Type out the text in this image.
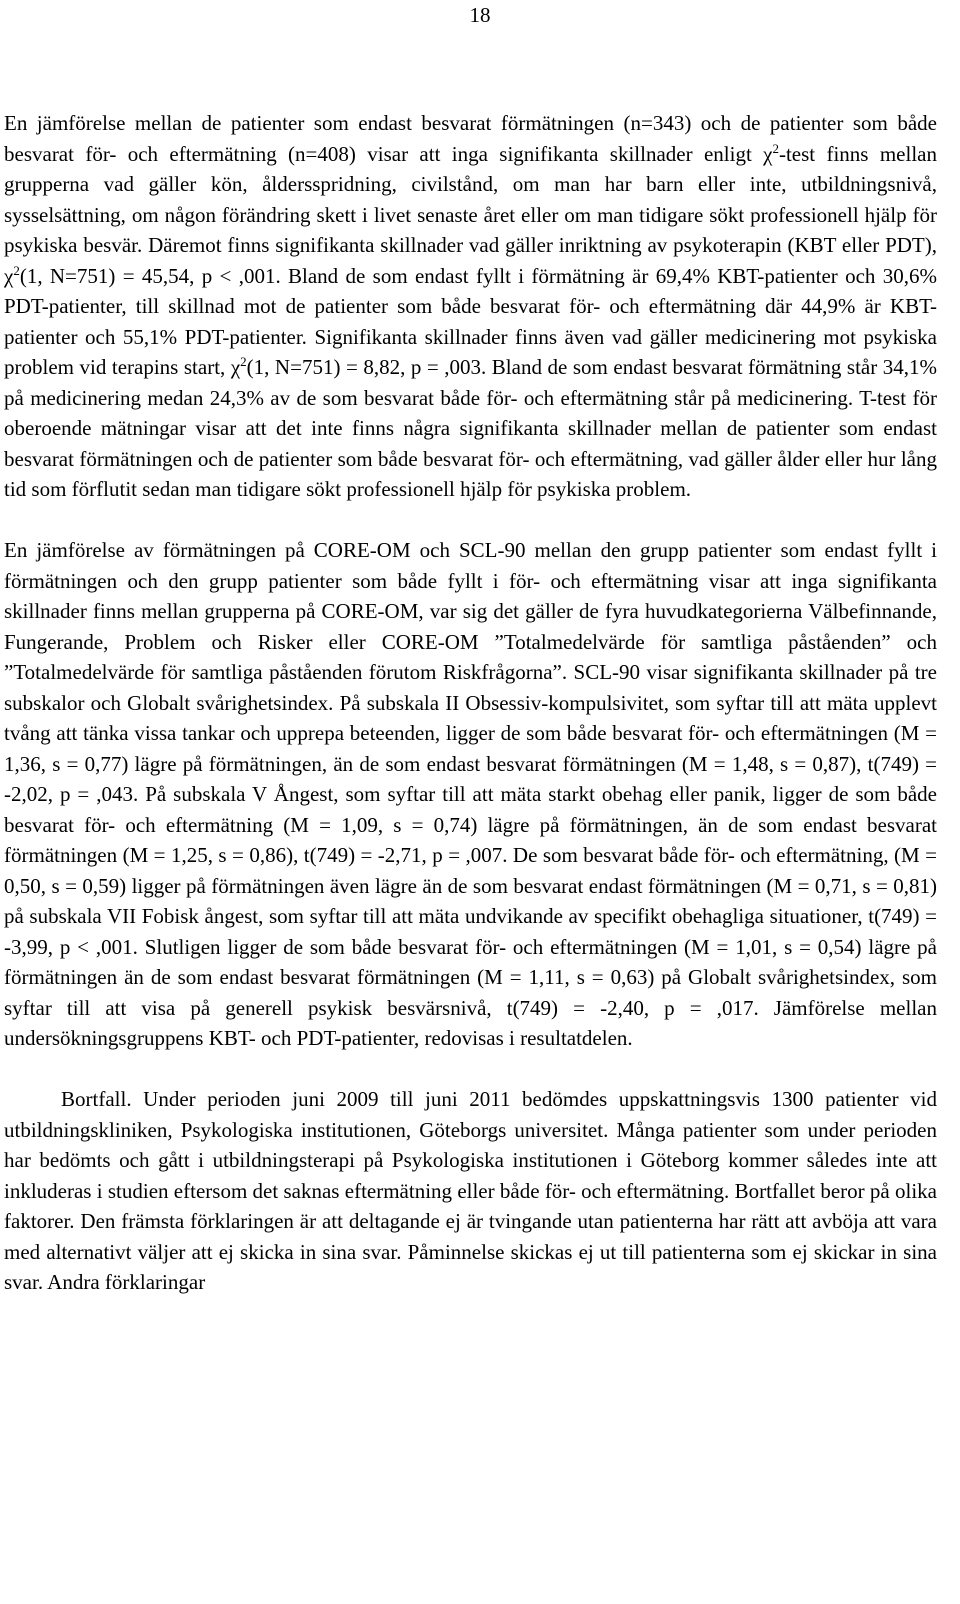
18

En jämförelse mellan de patienter som endast besvarat förmätningen (n=343) och de patienter som både besvarat för- och eftermätning (n=408) visar att inga signifikanta skillnader enligt $\chi^2$-test finns mellan grupperna vad gäller kön, åldersspridning, civilstånd, om man har barn eller inte, utbildningsnivå, sysselsättning, om någon förändring skett i livet senaste året eller om man tidigare sökt professionell hjälp för psykiska besvär. Däremot finns signifikanta skillnader vad gäller inriktning av psykoterapin (KBT eller PDT), $\chi^2(1$, N=751) = 45,54, p < ,001. Bland de som endast fyllt i förmätning är 69,4% KBT-patienter och 30,6% PDT-patienter, till skillnad mot de patienter som både besvarat för- och eftermätning där 44,9% är KBT-patienter och 55,1% PDT-patienter. Signifikanta skillnader finns även vad gäller medicinering mot psykiska problem vid terapins start, $\chi^2(1$, N=751) = 8,82, p = ,003. Bland de som endast besvarat förmätning står 34,1% på medicinering medan 24,3% av de som besvarat både för- och eftermätning står på medicinering. T-test för oberoende mätningar visar att det inte finns några signifikanta skillnader mellan de patienter som endast besvarat förmätningen och de patienter som både besvarat för- och eftermätning, vad gäller ålder eller hur lång tid som förflutit sedan man tidigare sökt professionell hjälp för psykiska problem.

En jämförelse av förmätningen på CORE-OM och SCL-90 mellan den grupp patienter som endast fyllt i förmätningen och den grupp patienter som både fyllt i för- och eftermätning visar att inga signifikanta skillnader finns mellan grupperna på CORE-OM, var sig det gäller de fyra huvudkategorierna Välbefinnande, Fungerande, Problem och Risker eller CORE-OM ”Totalmedelvärde för samtliga påståenden” och ”Totalmedelvärde för samtliga påståenden förutom Riskfrågorna”. SCL-90 visar signifikanta skillnader på tre subskalor och Globalt svårighetsindex. På subskala II Obsessiv-kompulsivitet, som syftar till att mäta upplevt tvång att tänka vissa tankar och upprepa beteenden, ligger de som både besvarat för- och eftermätningen (M = 1,36, s = 0,77) lägre på förmätningen, än de som endast besvarat förmätningen (M = 1,48, s = 0,87), t(749) = -2,02, p = ,043. På subskala V Ångest, som syftar till att mäta starkt obehag eller panik, ligger de som både besvarat för- och eftermätning (M = 1,09, s = 0,74) lägre på förmätningen, än de som endast besvarat förmätningen (M = 1,25, s = 0,86), t(749) = -2,71, p = ,007. De som besvarat både för- och eftermätning, (M = 0,50, s = 0,59) ligger på förmätningen även lägre än de som besvarat endast förmätningen (M = 0,71, s = 0,81) på subskala VII Fobisk ångest, som syftar till att mäta undvikande av specifikt obehagliga situationer, t(749) = -3,99, p < ,001. Slutligen ligger de som både besvarat för- och eftermätningen (M = 1,01, s = 0,54) lägre på förmätningen än de som endast besvarat förmätningen (M = 1,11, s = 0,63) på Globalt svårighetsindex, som syftar till att visa på generell psykisk besvärsnivå, t(749) = -2,40, p = ,017. Jämförelse mellan undersökningsgruppens KBT- och PDT-patienter, redovisas i resultatdelen.

Bortfall. Under perioden juni 2009 till juni 2011 bedömdes uppskattningsvis 1300 patienter vid utbildningskliniken, Psykologiska institutionen, Göteborgs universitet. Många patienter som under perioden har bedömts och gått i utbildningsterapi på Psykologiska institutionen i Göteborg kommer således inte att inkluderas i studien eftersom det saknas eftermätning eller både för- och eftermätning. Bortfallet beror på olika faktorer. Den främsta förklaringen är att deltagande ej är tvingande utan patienterna har rätt att avböja att vara med alternativt väljer att ej skicka in sina svar. Påminnelse skickas ej ut till patienterna som ej skickar in sina svar. Andra förklaringar
